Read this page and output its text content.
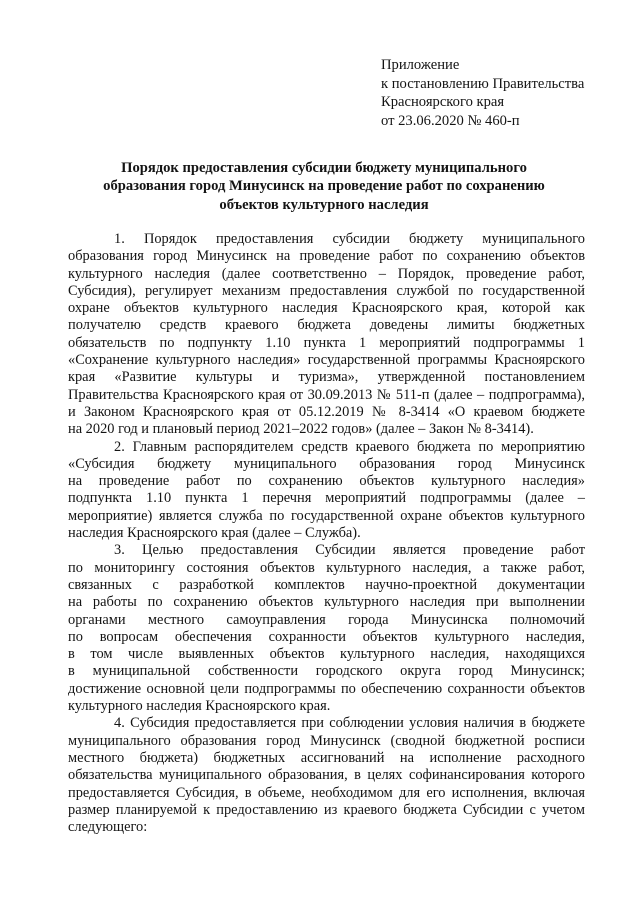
Приложение
к постановлению Правительства
Красноярского края
от 23.06.2020 № 460-п
Порядок предоставления субсидии бюджету муниципального
образования город Минусинск на проведение работ по сохранению
объектов культурного наследия
1. Порядок предоставления субсидии бюджету муниципального
образования город Минусинск на проведение работ по сохранению объектов
культурного наследия (далее соответственно – Порядок, проведение работ,
Субсидия), регулирует механизм предоставления службой по государственной
охране объектов культурного наследия Красноярского края, которой как
получателю средств краевого бюджета доведены лимиты бюджетных
обязательств по подпункту 1.10 пункта 1 мероприятий подпрограммы 1
«Сохранение культурного наследия» государственной программы Красноярского
края «Развитие культуры и туризма», утвержденной постановлением
Правительства Красноярского края от 30.09.2013 № 511-п (далее – подпрограмма),
и Законом Красноярского края от 05.12.2019 № 8-3414 «О краевом бюджете
на 2020 год и плановый период 2021–2022 годов» (далее – Закон № 8-3414).
2. Главным распорядителем средств краевого бюджета по мероприятию
«Субсидия бюджету муниципального образования город Минусинск
на проведение работ по сохранению объектов культурного наследия»
подпункта 1.10 пункта 1 перечня мероприятий подпрограммы (далее –
мероприятие) является служба по государственной охране объектов культурного
наследия Красноярского края (далее – Служба).
3. Целью предоставления Субсидии является проведение работ
по мониторингу состояния объектов культурного наследия, а также работ,
связанных с разработкой комплектов научно-проектной документации
на работы по сохранению объектов культурного наследия при выполнении
органами местного самоуправления города Минусинска полномочий
по вопросам обеспечения сохранности объектов культурного наследия,
в том числе выявленных объектов культурного наследия, находящихся
в муниципальной собственности городского округа город Минусинск;
достижение основной цели подпрограммы по обеспечению сохранности объектов
культурного наследия Красноярского края.
4. Субсидия предоставляется при соблюдении условия наличия в бюджете
муниципального образования город Минусинск (сводной бюджетной росписи
местного бюджета) бюджетных ассигнований на исполнение расходного
обязательства муниципального образования, в целях софинансирования которого
предоставляется Субсидия, в объеме, необходимом для его исполнения, включая
размер планируемой к предоставлению из краевого бюджета Субсидии с учетом
следующего:
